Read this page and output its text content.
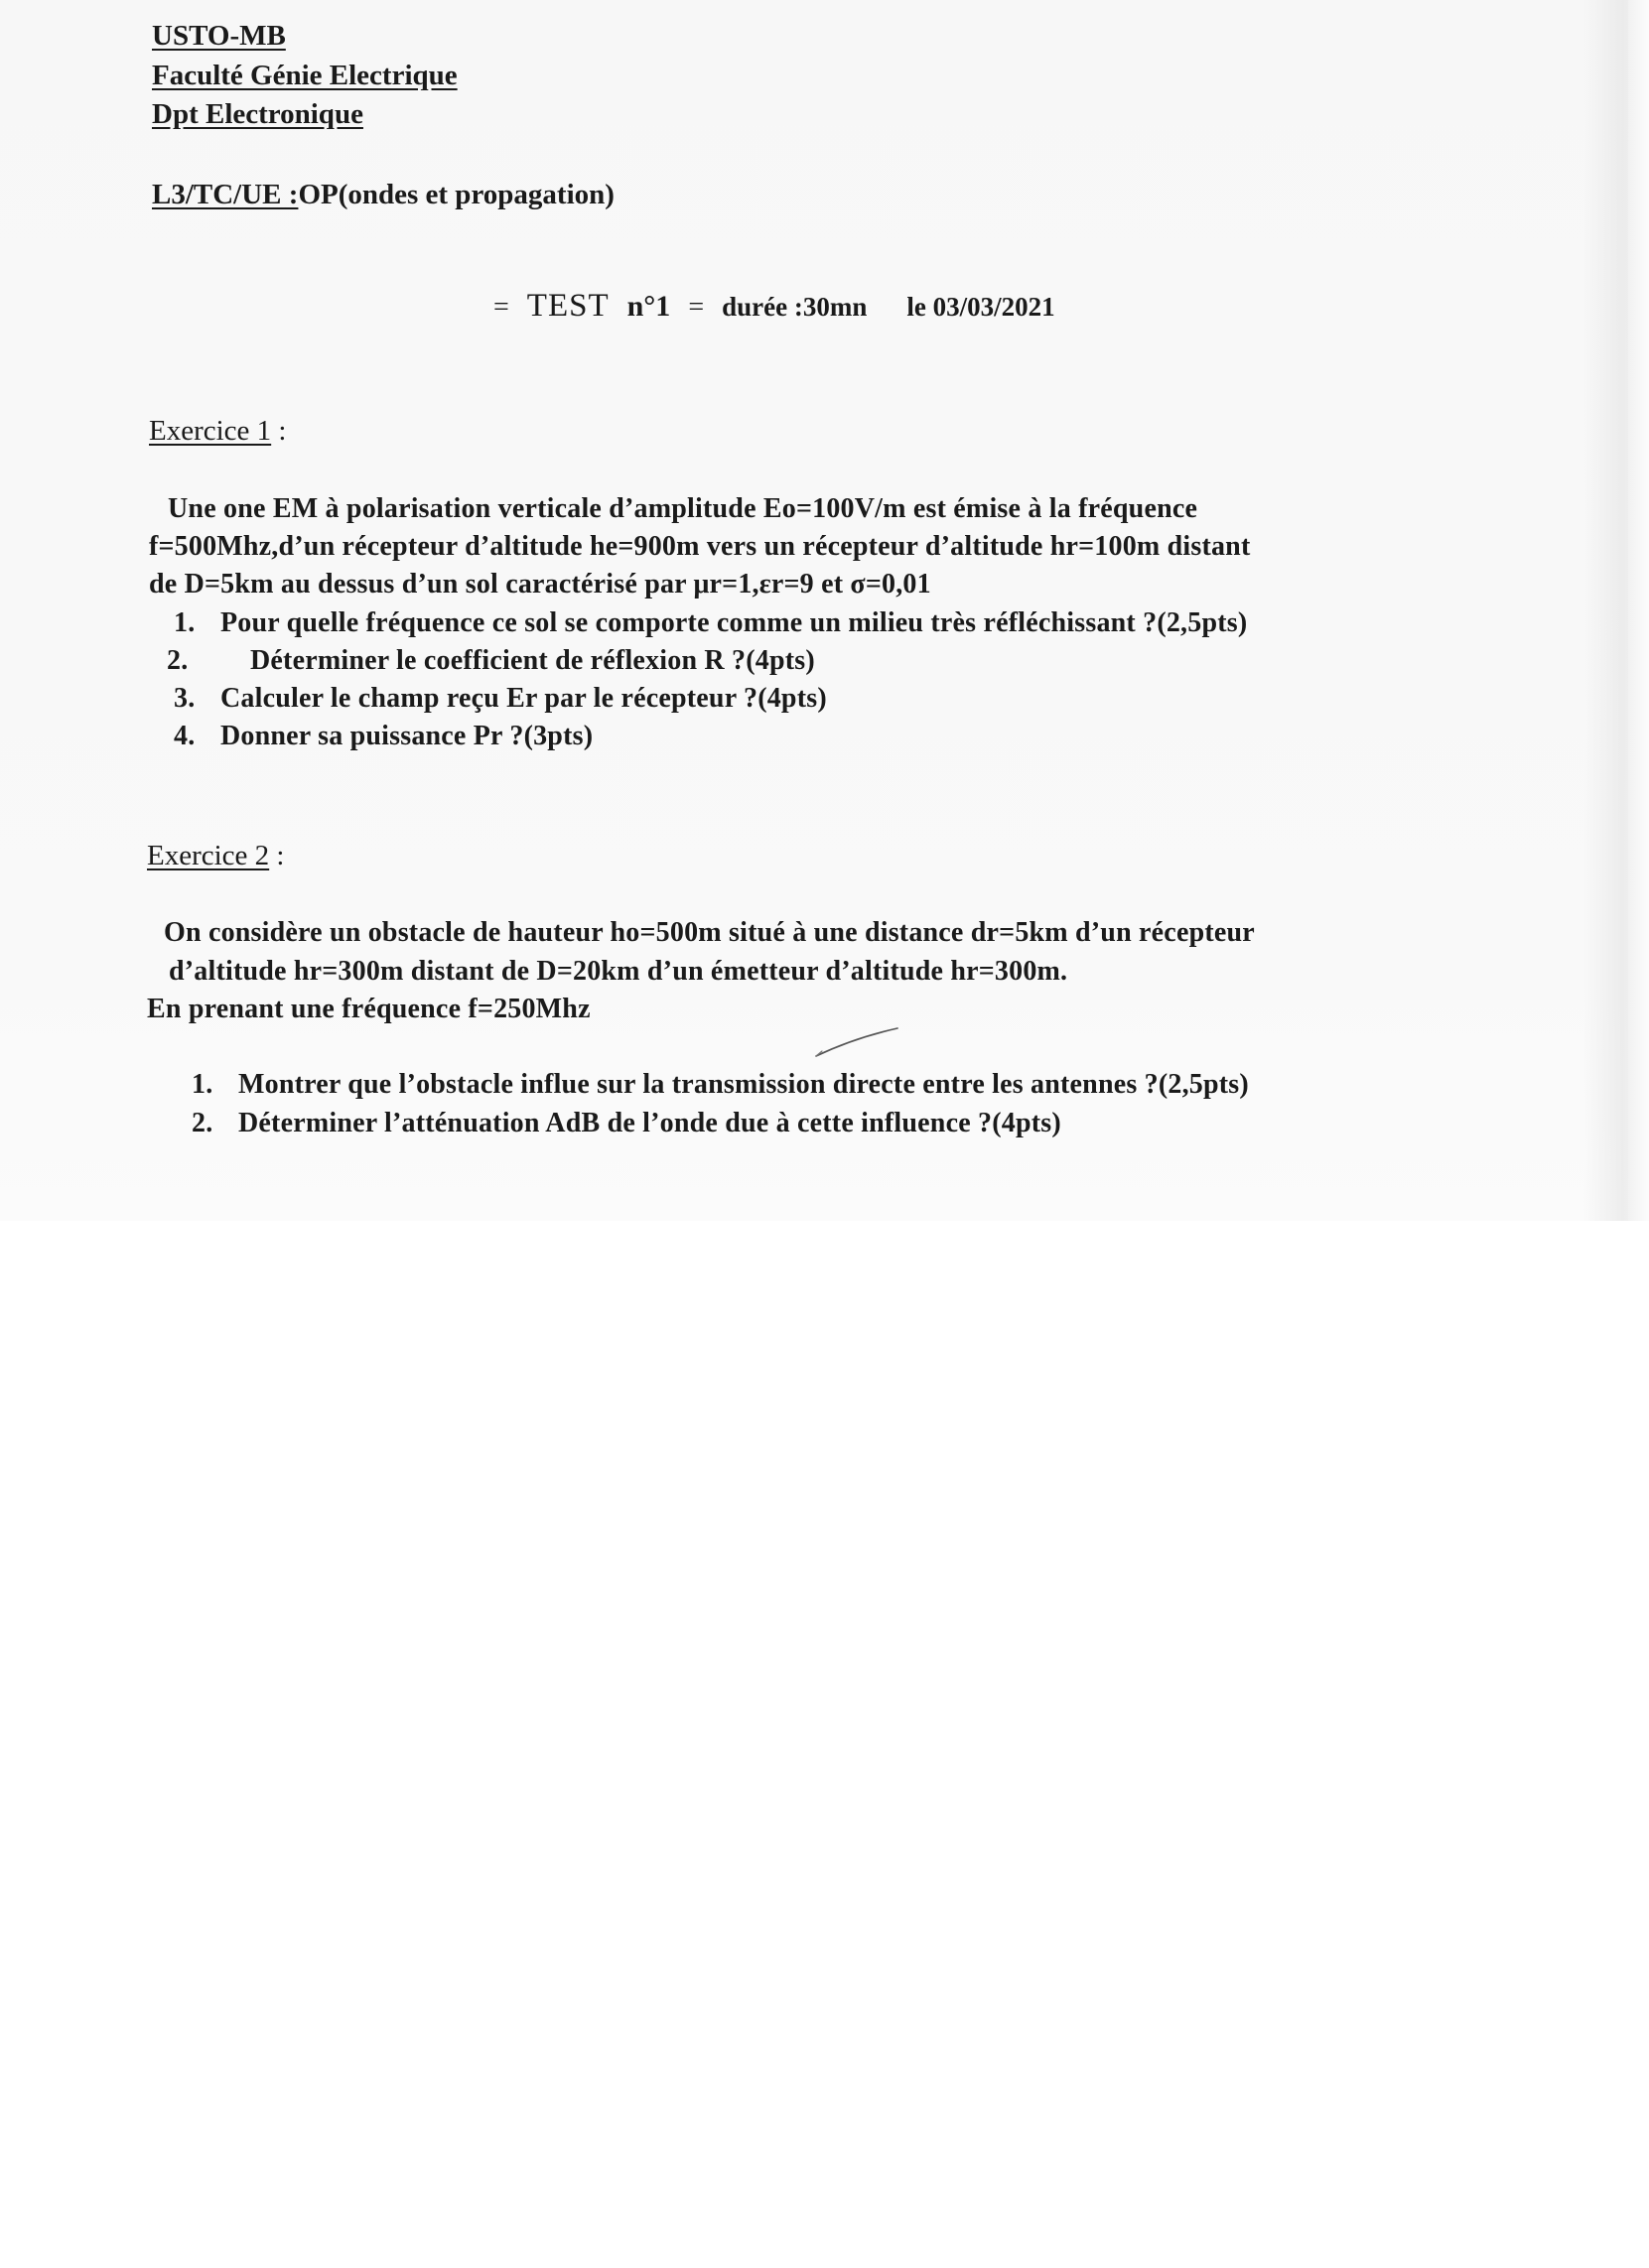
USTO-MB
Faculté Génie Electrique
Dpt Electronique
L3/TC/UE :OP(ondes et propagation)
= TEST n°1 = durée :30mn le 03/03/2021
Exercice 1 :
Une one EM à polarisation verticale d’amplitude Eo=100V/m est émise à la fréquence
f=500Mhz,d’un récepteur d’altitude he=900m vers un récepteur d’altitude hr=100m distant
de D=5km au dessus d’un sol caractérisé par μr=1,εr=9 et σ=0,01
1. Pour quelle fréquence ce sol se comporte comme un milieu très réfléchissant ?(2,5pts)
2. Déterminer le coefficient de réflexion R ?(4pts)
3. Calculer le champ reçu Er par le récepteur ?(4pts)
4. Donner sa puissance Pr ?(3pts)
Exercice 2 :
On considère un obstacle de hauteur ho=500m situé à une distance dr=5km d’un récepteur
d’altitude hr=300m distant de D=20km d’un émetteur d’altitude hr=300m.
En prenant une fréquence f=250Mhz
1. Montrer que l’obstacle influe sur la transmission directe entre les antennes ?(2,5pts)
2. Déterminer l’atténuation AdB de l’onde due à cette influence ?(4pts)
